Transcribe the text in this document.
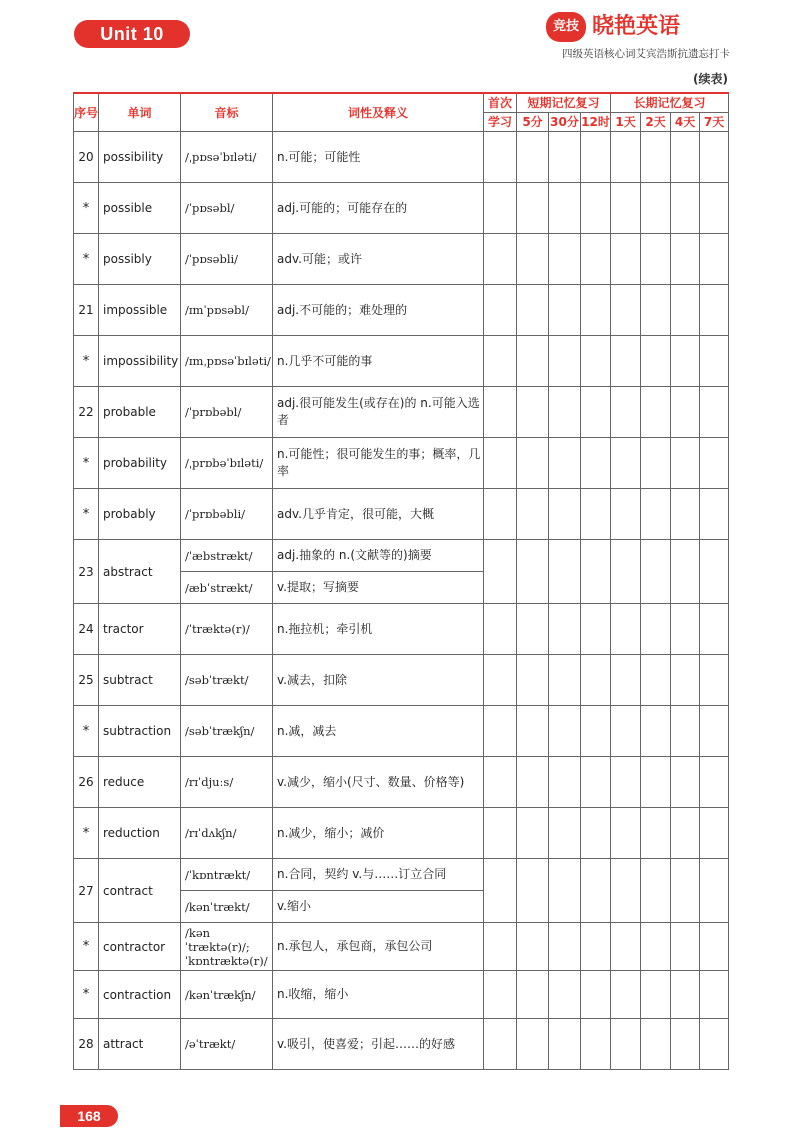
Unit 10	竞技 晓艳英语
四级英语核心词艾宾浩斯抗遗忘打卡
(续表)
序号	单词	音标	词性及释义	首次	短期记忆复习			长期记忆复习			
				学习	5分	30分	12时	1天	2天	4天	7天
20	possibility	/ˌpɒsəˈbɪləti/	n.可能；可能性								
*	possible	/ˈpɒsəbl/	adj.可能的；可能存在的								
*	possibly	/ˈpɒsəbli/	adv.可能；或许								
21	impossible	/ɪmˈpɒsəbl/	adj.不可能的；难处理的								
*	impossibility	/ɪmˌpɒsəˈbɪləti/	n.几乎不可能的事								
22	probable	/ˈprɒbəbl/	adj.很可能发生(或存在)的 n.可能入选者								
*	probability	/ˌprɒbəˈbɪləti/	n.可能性；很可能发生的事；概率，几率								
*	probably	/ˈprɒbəbli/	adv.几乎肯定，很可能，大概								
23	abstract	/ˈæbstrækt/	adj.抽象的 n.(文献等的)摘要								
		/æbˈstrækt/	v.提取；写摘要								
24	tractor	/ˈtræktə(r)/	n.拖拉机；牵引机								
25	subtract	/səbˈtrækt/	v.减去，扣除								
*	subtraction	/səbˈtrækʃn/	n.减，减去								
26	reduce	/rɪˈdjuːs/	v.减少，缩小(尺寸、数量、价格等)								
*	reduction	/rɪˈdʌkʃn/	n.减少，缩小；减价								
27	contract	/ˈkɒntrækt/	n.合同，契约 v.与……订立合同								
		/kənˈtrækt/	v.缩小								
*	contractor	/kənˈtræktə(r)/; ˈkɒntræktə(r)/	n.承包人，承包商，承包公司								
*	contraction	/kənˈtrækʃn/	n.收缩，缩小								
28	attract	/əˈtrækt/	v.吸引，使喜爱；引起……的好感								
168
